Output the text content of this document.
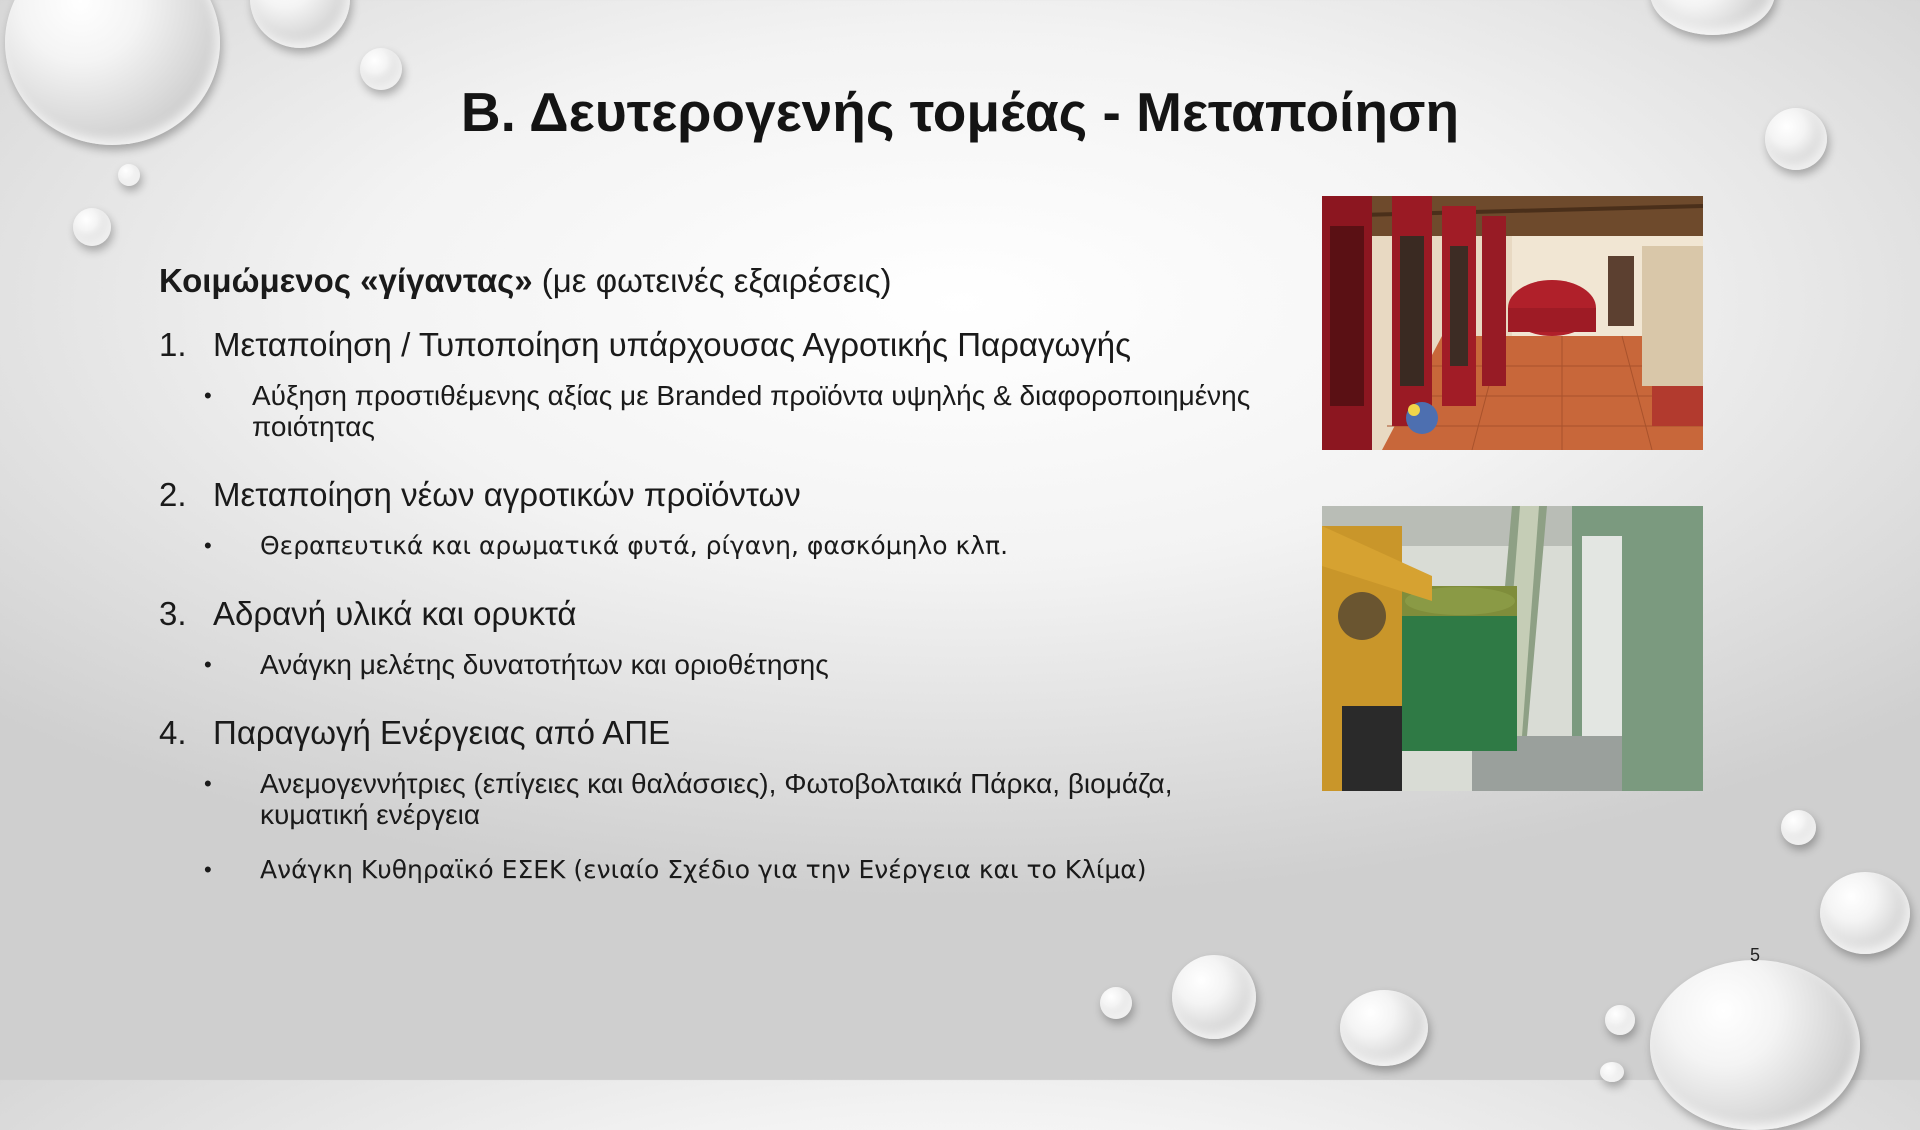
Β. Δευτερογενής τομέας - Μεταποίηση
Κοιμώμενος «γίγαντας» (με φωτεινές εξαιρέσεις)
1. Μεταποίηση / Τυποποίηση υπάρχουσας Αγροτικής Παραγωγής
•	Αύξηση προστιθέμενης αξίας με Branded προϊόντα υψηλής & διαφοροποιημένης ποιότητας
2. Μεταποίηση νέων αγροτικών προϊόντων
•	Θεραπευτικά και αρωματικά φυτά, ρίγανη, φασκόμηλο κλπ.
3. Αδρανή υλικά και ορυκτά
•	Ανάγκη μελέτης δυνατοτήτων και οριοθέτησης
4. Παραγωγή Ενέργειας από ΑΠΕ
•	Ανεμογεννήτριες (επίγειες και θαλάσσιες), Φωτοβολταικά Πάρκα, βιομάζα, κυματική ενέργεια
•	Ανάγκη Κυθηραϊκό ΕΣΕΚ (ενιαίο Σχέδιο για την Ενέργεια και το Κλίμα)
5
